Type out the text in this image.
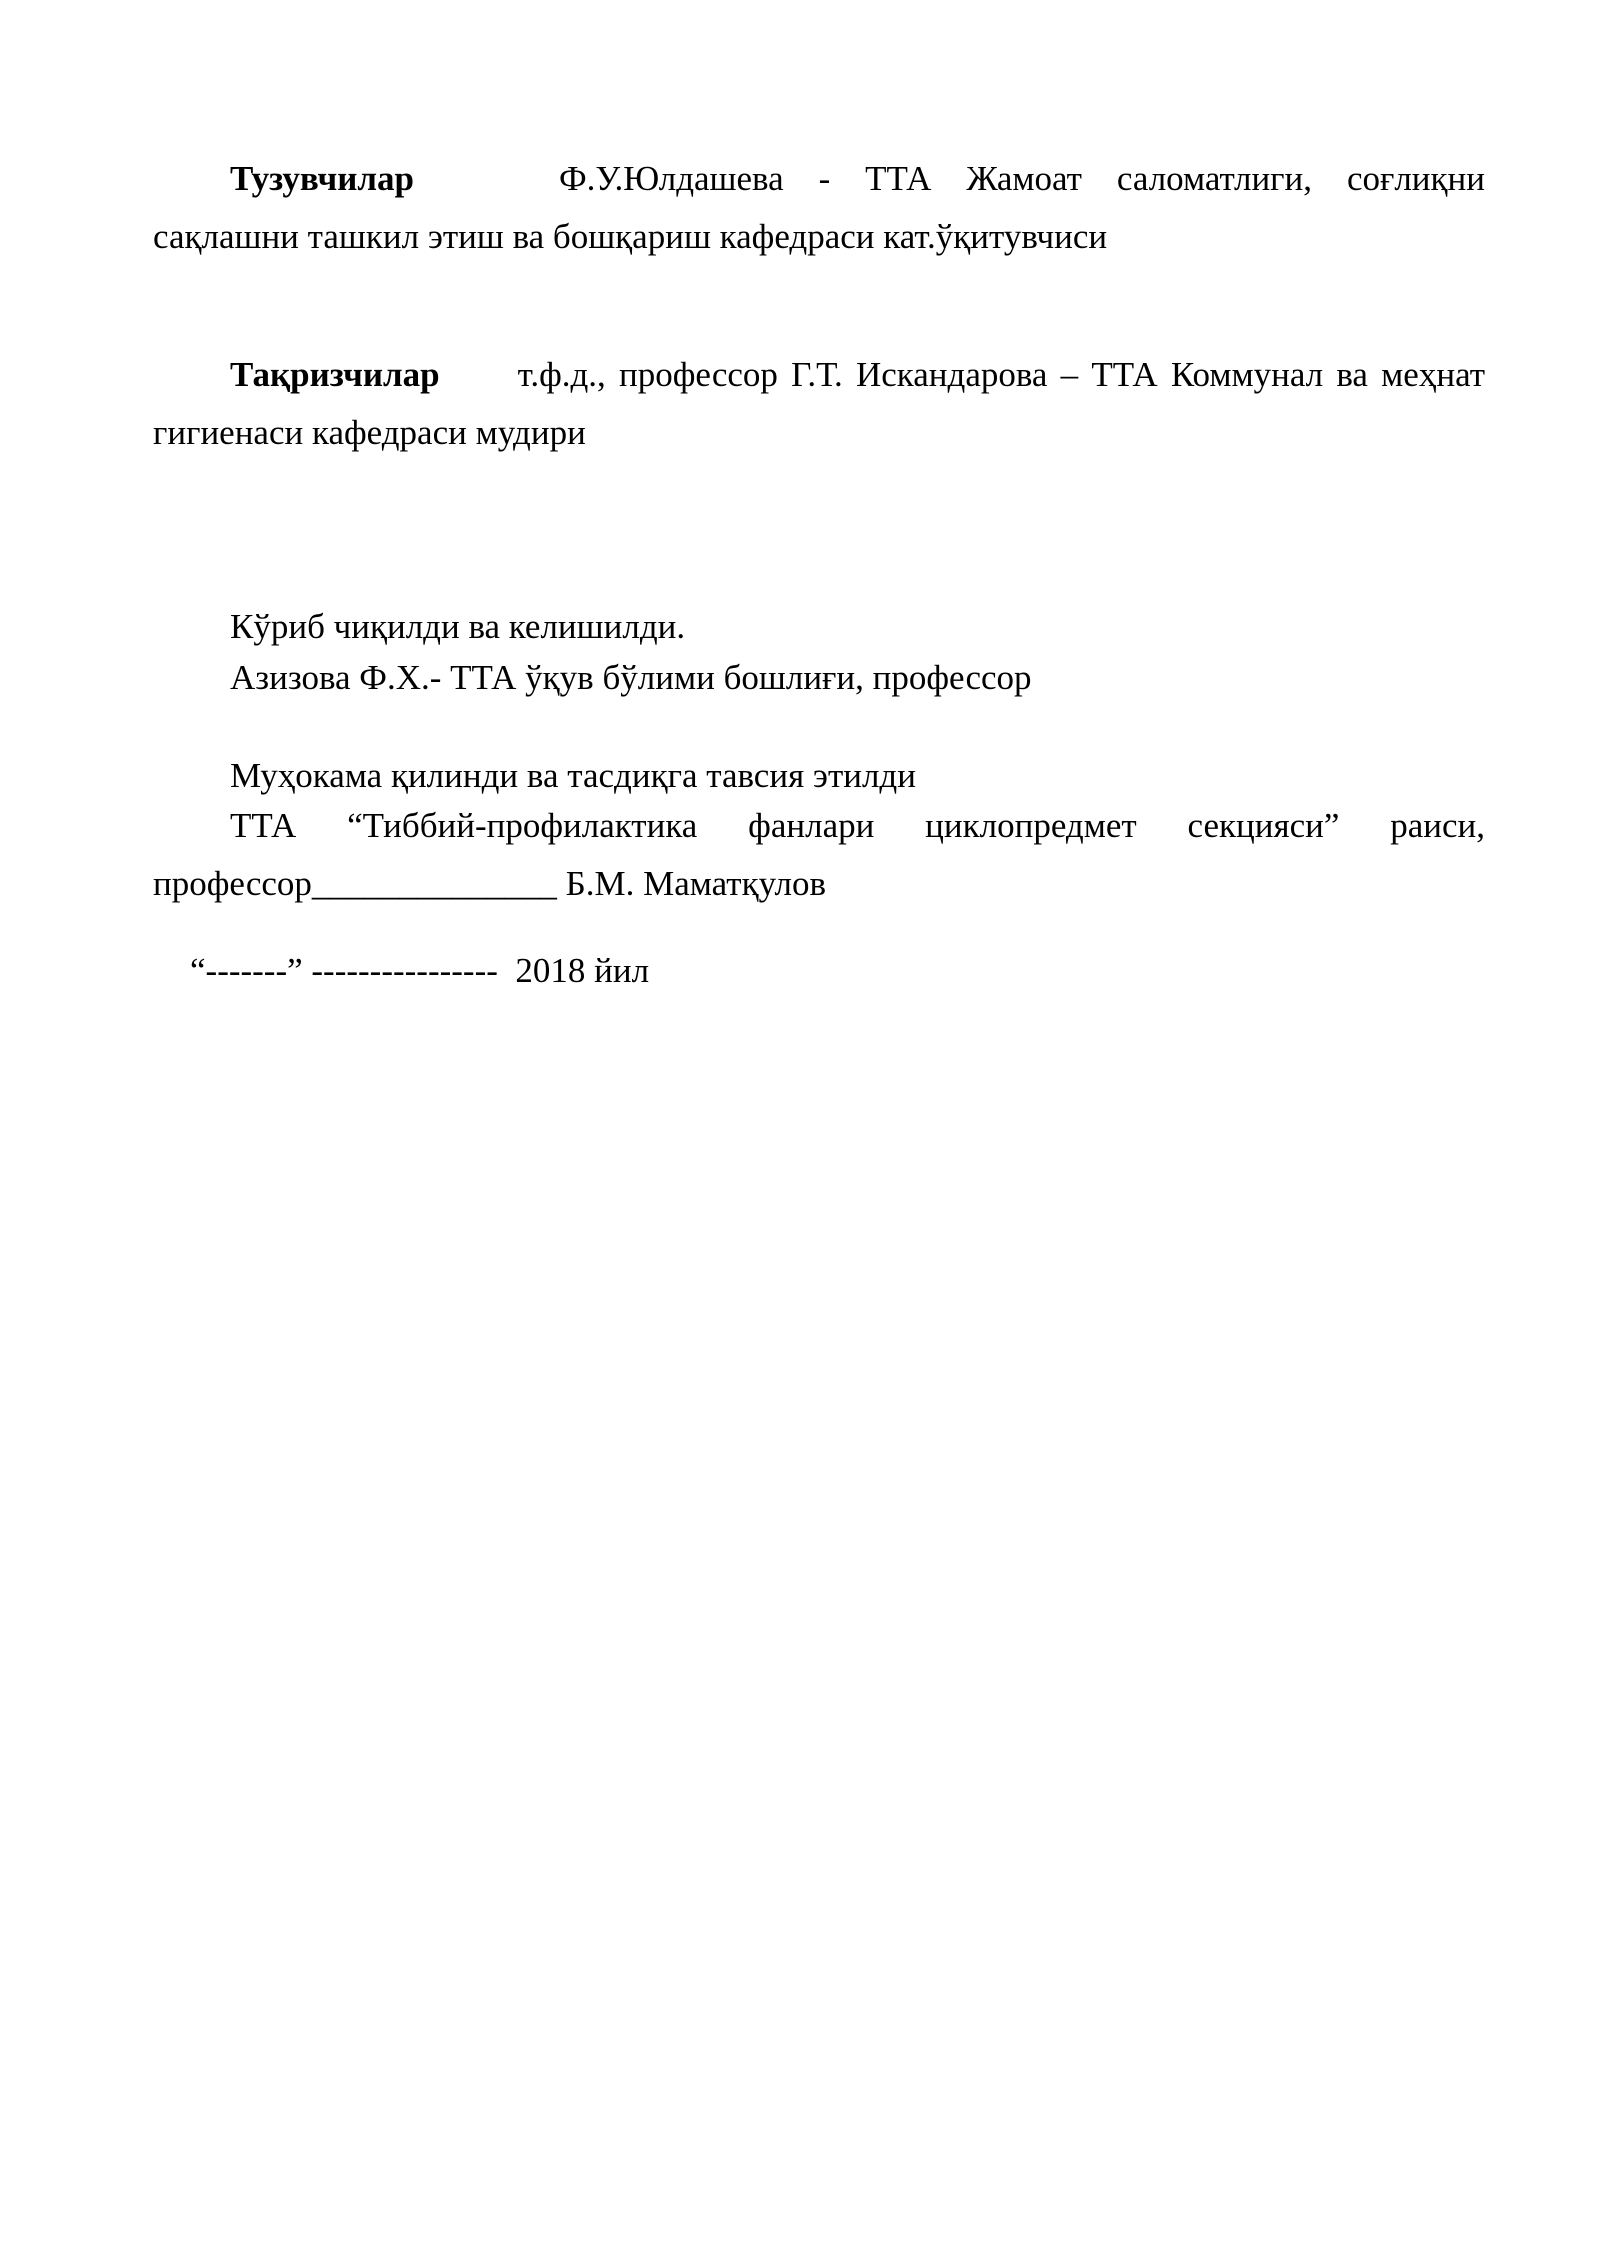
Тузувчилар	Ф.У.Юлдашева - ТТА Жамоат саломатлиги, соғлиқни сақлашни ташкил этиш ва бошқариш кафедраси кат.ўқитувчиси

Тақризчилар т.ф.д., профессор Г.Т. Искандарова – ТТА Коммунал ва меҳнат гигиенаси кафедраси мудири

Кўриб чиқилди ва келишилди.

Азизова Ф.Х.- ТТА ўқув бўлими бошлиғи, профессор

Муҳокама қилинди ва тасдиқга тавсия этилди

ТТА “Тиббий-профилактика фанлари циклопредмет секцияси” раиси, профессор______________ Б.М. Маматқулов

“-------” ----------------  2018 йил
